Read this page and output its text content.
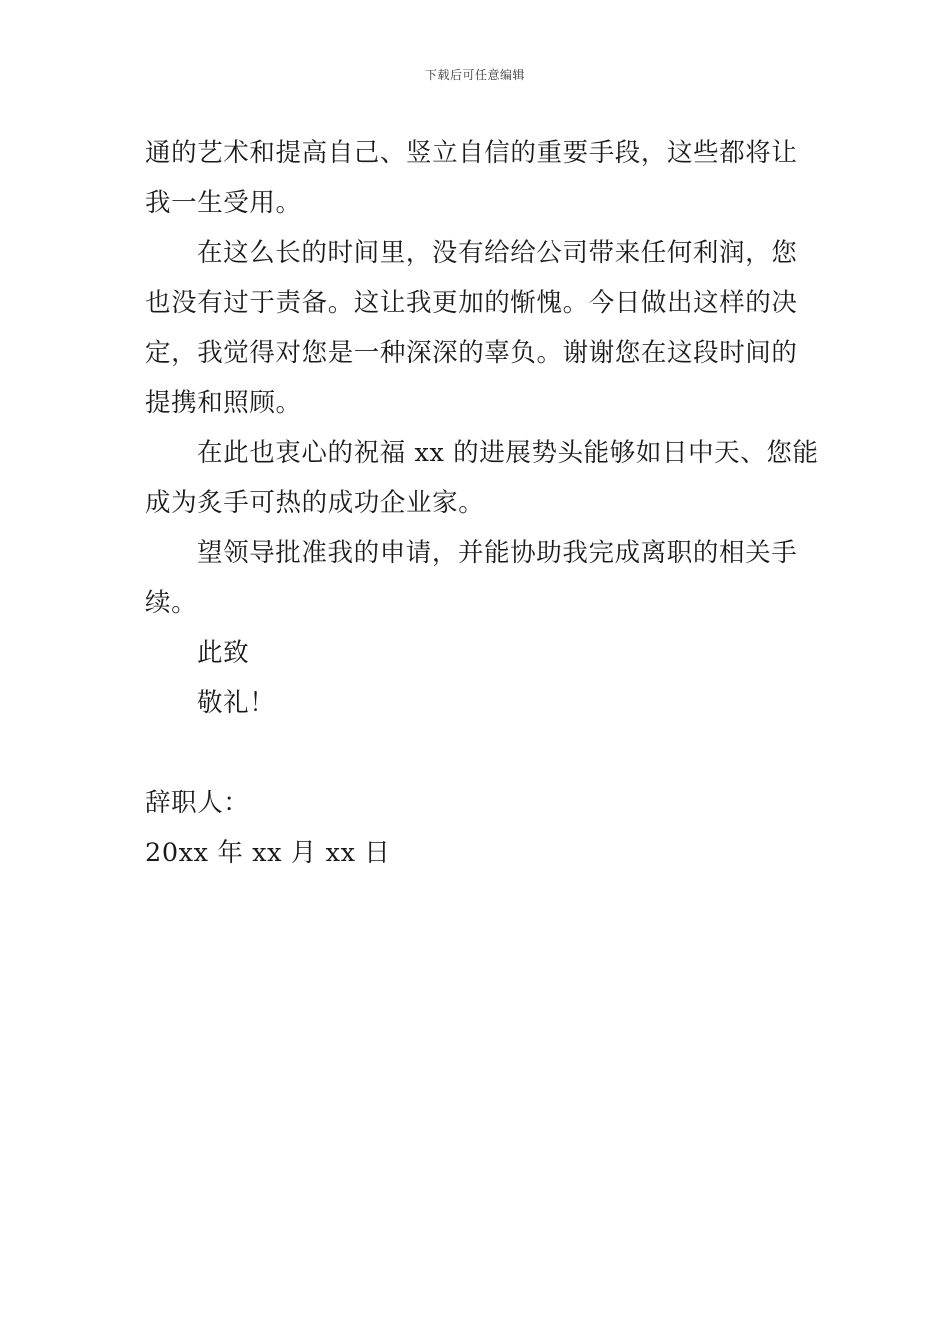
下载后可任意编辑
通的艺术和提高自己、竖立自信的重要手段，这些都将让
我一生受用。
在这么长的时间里，没有给给公司带来任何利润，您
也没有过于责备。这让我更加的惭愧。今日做出这样的决
定，我觉得对您是一种深深的辜负。谢谢您在这段时间的
提携和照顾。
在此也衷心的祝福 xx 的进展势头能够如日中天、您能
成为炙手可热的成功企业家。
望领导批准我的申请，并能协助我完成离职的相关手
续。
此致
敬礼！
辞职人：
20xx 年 xx 月 xx 日
